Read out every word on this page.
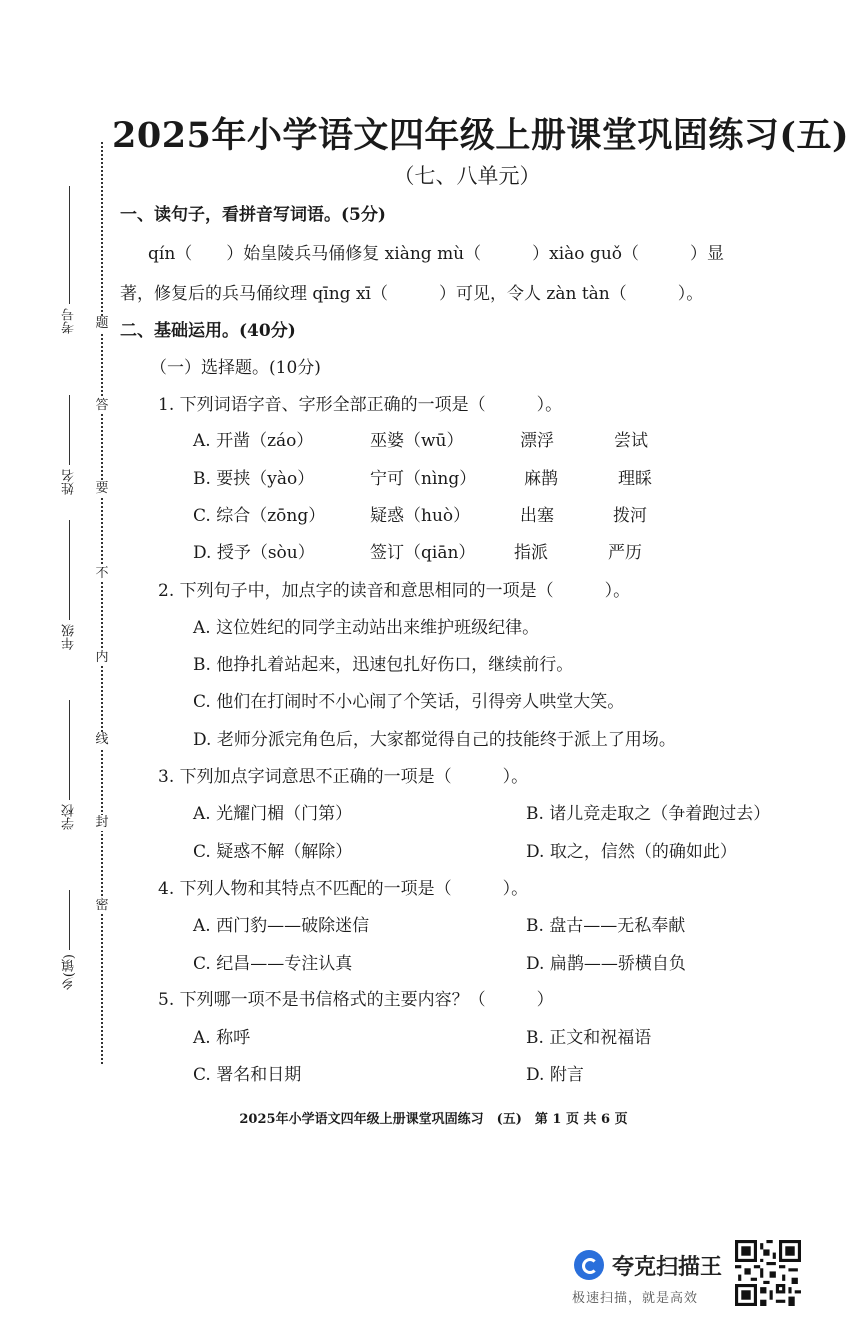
题
答
要
不
内
线
封
密
考号
姓名
年级
学校
乡(镇)
2025年小学语文四年级上册课堂巩固练习(五)
（七、八单元）
一、读句子，看拼音写词语。(5分)
qín（　　）始皇陵兵马俑修复 xiàng mù（　　　）xiào guǒ（　　　）显
著，修复后的兵马俑纹理 qīng xī（　　　）可见，令人 zàn tàn（　　　）。
二、基础运用。(40分)
（一）选择题。(10分)
1. 下列词语字音、字形全部正确的一项是（　　　）。
A. 开凿（záo）	巫婆（wū）	漂浮	尝试
B. 要挟（yào）	宁可（nìng）	麻鹊	理睬
C. 综合（zōng）	疑惑（huò）	出塞	拨河
D. 授予（sòu）	签订（qiān） 指派	严历
2. 下列句子中，加点字的读音和意思相同的一项是（　　　）。
A. 这位姓纪的同学主动站出来维护班级纪律。
B. 他挣扎着站起来，迅速包扎好伤口，继续前行。
C. 他们在打闹时不小心闹了个笑话，引得旁人哄堂大笑。
D. 老师分派完角色后，大家都觉得自己的技能终于派上了用场。
3. 下列加点字词意思不正确的一项是（　　　）。
A. 光耀门楣（门第）	B. 诸儿竞走取之（争着跑过去）
C. 疑惑不解（解除）	D. 取之，信然（的确如此）
4. 下列人物和其特点不匹配的一项是（　　　）。
A. 西门豹——破除迷信	B. 盘古——无私奉献
C. 纪昌——专注认真	D. 扁鹊——骄横自负
5. 下列哪一项不是书信格式的主要内容？（　　　）
A. 称呼	B. 正文和祝福语
C. 署名和日期	D. 附言
2025年小学语文四年级上册课堂巩固练习　(五)　第 1 页 共 6 页
夸克扫描王
极速扫描，就是高效
